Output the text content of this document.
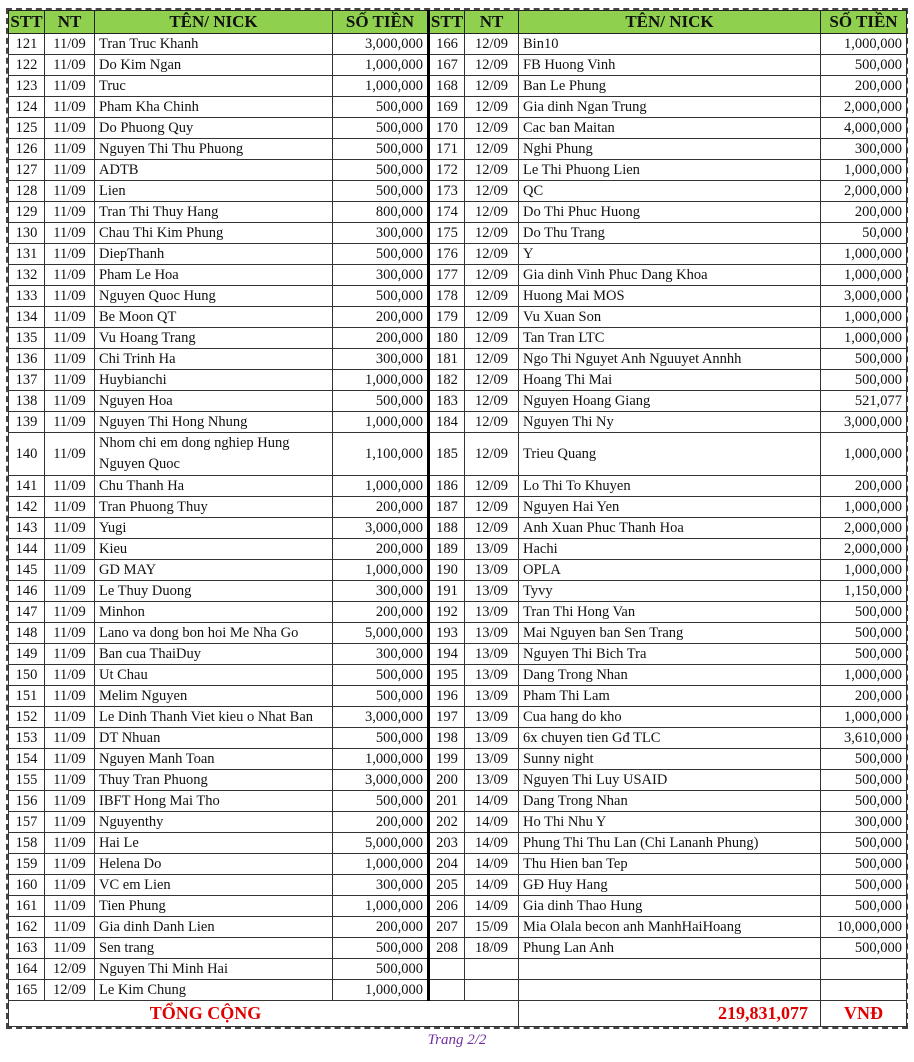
STT	NT	TÊN/ NICK	SỐ TIỀN	STT	NT	TÊN/ NICK	SỐ TIỀN
121	11/09	Tran Truc Khanh	3,000,000	166	12/09	Bin10	1,000,000
122	11/09	Do Kim Ngan	1,000,000	167	12/09	FB Huong Vinh	500,000
123	11/09	Truc	1,000,000	168	12/09	Ban Le Phung	200,000
124	11/09	Pham Kha Chinh	500,000	169	12/09	Gia dinh Ngan Trung	2,000,000
125	11/09	Do Phuong Quy	500,000	170	12/09	Cac ban Maitan	4,000,000
126	11/09	Nguyen Thi Thu Phuong	500,000	171	12/09	Nghi Phung	300,000
127	11/09	ADTB	500,000	172	12/09	Le Thi Phuong Lien	1,000,000
128	11/09	Lien	500,000	173	12/09	QC	2,000,000
129	11/09	Tran Thi Thuy Hang	800,000	174	12/09	Do Thi Phuc Huong	200,000
130	11/09	Chau Thi Kim Phung	300,000	175	12/09	Do Thu Trang	50,000
131	11/09	DiepThanh	500,000	176	12/09	Y	1,000,000
132	11/09	Pham Le Hoa	300,000	177	12/09	Gia dinh Vinh Phuc Dang Khoa	1,000,000
133	11/09	Nguyen Quoc Hung	500,000	178	12/09	Huong Mai MOS	3,000,000
134	11/09	Be Moon QT	200,000	179	12/09	Vu Xuan Son	1,000,000
135	11/09	Vu Hoang Trang	200,000	180	12/09	Tan Tran LTC	1,000,000
136	11/09	Chi Trinh Ha	300,000	181	12/09	Ngo Thi Nguyet Anh Nguuyet Annhh	500,000
137	11/09	Huybianchi	1,000,000	182	12/09	Hoang Thi Mai	500,000
138	11/09	Nguyen Hoa	500,000	183	12/09	Nguyen Hoang Giang	521,077
139	11/09	Nguyen Thi Hong Nhung	1,000,000	184	12/09	Nguyen Thi Ny	3,000,000
140	11/09	Nhom chi em dong nghiep Hung Nguyen Quoc	1,100,000	185	12/09	Trieu Quang	1,000,000
141	11/09	Chu Thanh Ha	1,000,000	186	12/09	Lo Thi To Khuyen	200,000
142	11/09	Tran Phuong Thuy	200,000	187	12/09	Nguyen Hai Yen	1,000,000
143	11/09	Yugi	3,000,000	188	12/09	Anh Xuan Phuc Thanh Hoa	2,000,000
144	11/09	Kieu	200,000	189	13/09	Hachi	2,000,000
145	11/09	GD MAY	1,000,000	190	13/09	OPLA	1,000,000
146	11/09	Le Thuy Duong	300,000	191	13/09	Tyvy	1,150,000
147	11/09	Minhon	200,000	192	13/09	Tran Thi Hong Van	500,000
148	11/09	Lano va dong bon hoi Me Nha Go	5,000,000	193	13/09	Mai Nguyen ban Sen Trang	500,000
149	11/09	Ban cua ThaiDuy	300,000	194	13/09	Nguyen Thi Bich Tra	500,000
150	11/09	Ut Chau	500,000	195	13/09	Dang Trong Nhan	1,000,000
151	11/09	Melim Nguyen	500,000	196	13/09	Pham Thi Lam	200,000
152	11/09	Le Dinh Thanh Viet kieu o Nhat Ban	3,000,000	197	13/09	Cua hang do kho	1,000,000
153	11/09	DT Nhuan	500,000	198	13/09	6x chuyen tien Gđ TLC	3,610,000
154	11/09	Nguyen Manh Toan	1,000,000	199	13/09	Sunny night	500,000
155	11/09	Thuy Tran Phuong	3,000,000	200	13/09	Nguyen Thi Luy USAID	500,000
156	11/09	IBFT Hong Mai Tho	500,000	201	14/09	Dang Trong Nhan	500,000
157	11/09	Nguyenthy	200,000	202	14/09	Ho Thi Nhu Y	300,000
158	11/09	Hai Le	5,000,000	203	14/09	Phung Thi Thu Lan (Chi Lananh Phung)	500,000
159	11/09	Helena Do	1,000,000	204	14/09	Thu Hien ban Tep	500,000
160	11/09	VC em Lien	300,000	205	14/09	GĐ Huy Hang	500,000
161	11/09	Tien Phung	1,000,000	206	14/09	Gia dinh Thao Hung	500,000
162	11/09	Gia dinh Danh Lien	200,000	207	15/09	Mia Olala becon anh ManhHaiHoang	10,000,000
163	11/09	Sen trang	500,000	208	18/09	Phung Lan Anh	500,000
164	12/09	Nguyen Thi Minh Hai	500,000				
165	12/09	Le Kim Chung	1,000,000				
TỔNG CỘNG						219,831,077	VNĐ
Trang 2/2
